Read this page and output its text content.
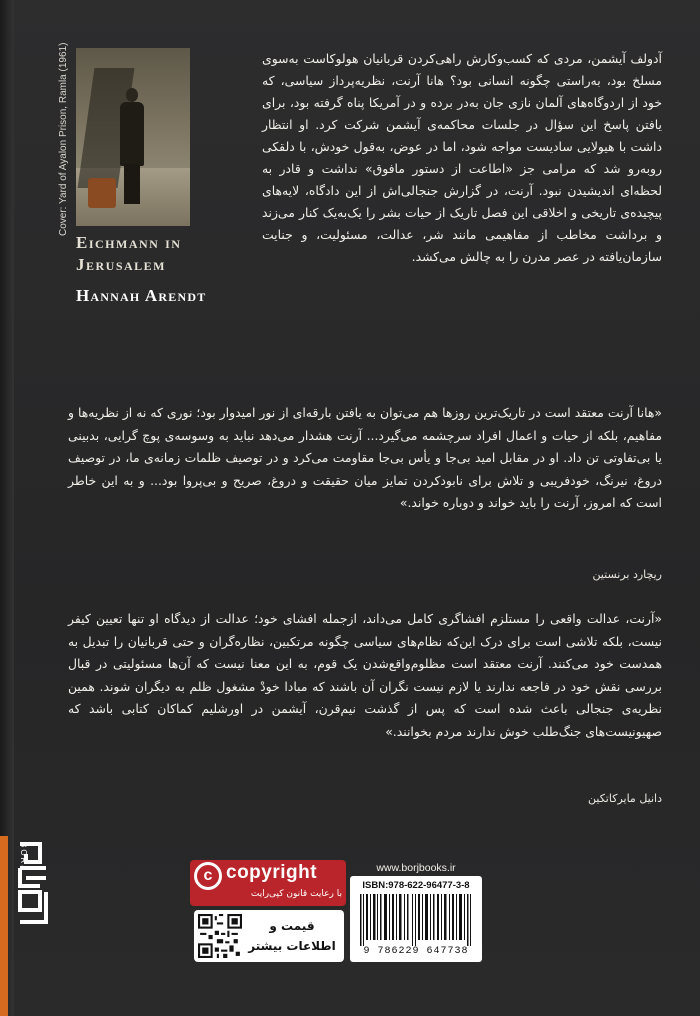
Cover: Yard of Ayalon Prison, Ramla (1961)
Eichmann in
Jerusalem
Hannah Arendt
آدولف آیشمن، مردی که کسب‌وکارش راهی‌کردن قربانیان هولوکاست به‌سوی مسلخ بود، به‌راستی چگونه انسانی بود؟ هانا آرنت، نظریه‌پرداز سیاسی، که خود از اردوگاه‌های آلمان نازی جان به‌در برده و در آمریکا پناه گرفته بود، برای یافتن پاسخ این سؤال در جلسات محاکمه‌ی آیشمن شرکت کرد. او انتظار داشت با هیولایی سادیست مواجه شود، اما در عوض، به‌قول خودش، با دلقکی روبه‌رو شد که مرامی جز «اطاعت از دستور مافوق» نداشت و قادر به لحظه‌ای اندیشیدن نبود. آرنت، در گزارش جنجالی‌اش از این دادگاه، لایه‌های پیچیده‌ی تاریخی و اخلاقی این فصل تاریک از حیات بشر را یک‌به‌یک کنار می‌زند و برداشت مخاطب از مفاهیمی مانند شر، عدالت، مسئولیت، و جنایت سازمان‌یافته در عصر مدرن را به چالش می‌کشد.
«هانا آرنت معتقد است در تاریک‌ترین روزها هم می‌توان به یافتن بارقه‌ای از نور امیدوار بود؛ نوری که نه از نظریه‌ها و مفاهیم، بلکه از حیات و اعمال افراد سرچشمه می‌گیرد... آرنت هشدار می‌دهد نباید به وسوسه‌ی پوچ گرایی، بدبینی یا بی‌تفاوتی تن داد. او در مقابل امید بی‌جا و یأس بی‌جا مقاومت می‌کرد و در توصیف ظلمات زمانه‌ی ما، در توصیف دروغ، نیرنگ، خودفریبی و تلاش برای نابودکردن تمایز میان حقیقت و دروغ، صریح و بی‌پروا بود... و به این خاطر است که امروز، آرنت را باید خواند و دوباره خواند.»
ریچارد برنستین
«آرنت، عدالت واقعی را مستلزم افشاگری کامل می‌داند، ازجمله افشای خود؛ عدالت از دیدگاه او تنها تعیین کیفر نیست، بلکه تلاشی است برای درک این‌که نظام‌های سیاسی چگونه مرتکبین، نظاره‌گران و حتی قربانیان را تبدیل به همدست خود می‌کنند. آرنت معتقد است مظلوم‌واقع‌شدن یک قوم، به این معنا نیست که آن‌ها مسئولیتی در قبال بررسی نقش خود در فاجعه ندارند یا لازم نیست نگران آن باشند که مبادا خودْ مشغول ظلم به دیگران شوند. همین نظریه‌ی جنجالی باعث شده است که پس از گذشت نیم‌قرن، آیشمن در اورشلیم کماکان کتابی باشد که صهیونیست‌های جنگ‌طلب خوش ندارند مردم بخوانند.»
دانیل مایرکاتکین
BORJ
c copyright
با رعایت قانون کپی‌رایت
www.borjbooks.ir
ISBN:978-622-96477-3-8
9 786229 647738
قیمت و
اطلاعات بیشتر
